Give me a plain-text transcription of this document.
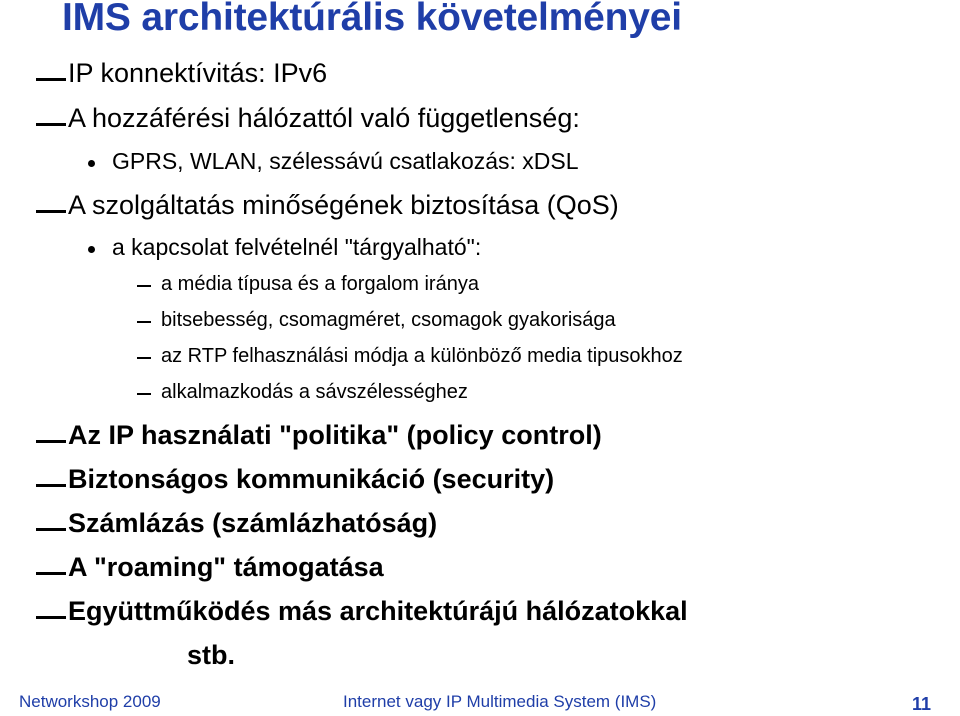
IMS architektúrális követelményei
IP konnektívitás: IPv6
A hozzáférési hálózattól való függetlenség:
GPRS, WLAN, szélessávú csatlakozás: xDSL
A szolgáltatás minőségének biztosítása (QoS)
a kapcsolat felvételnél "tárgyalható":
a média típusa és a forgalom iránya
bitsebesség, csomagméret, csomagok gyakorisága
az RTP felhasználási módja a különböző media tipusokhoz
alkalmazkodás a sávszélességhez
Az IP használati "politika" (policy control)
Biztonságos kommunikáció (security)
Számlázás (számlázhatóság)
A "roaming" támogatása
Együttműködés más architektúrájú hálózatokkal
stb.
Networkshop 2009	Internet vagy IP Multimedia System (IMS)	11
